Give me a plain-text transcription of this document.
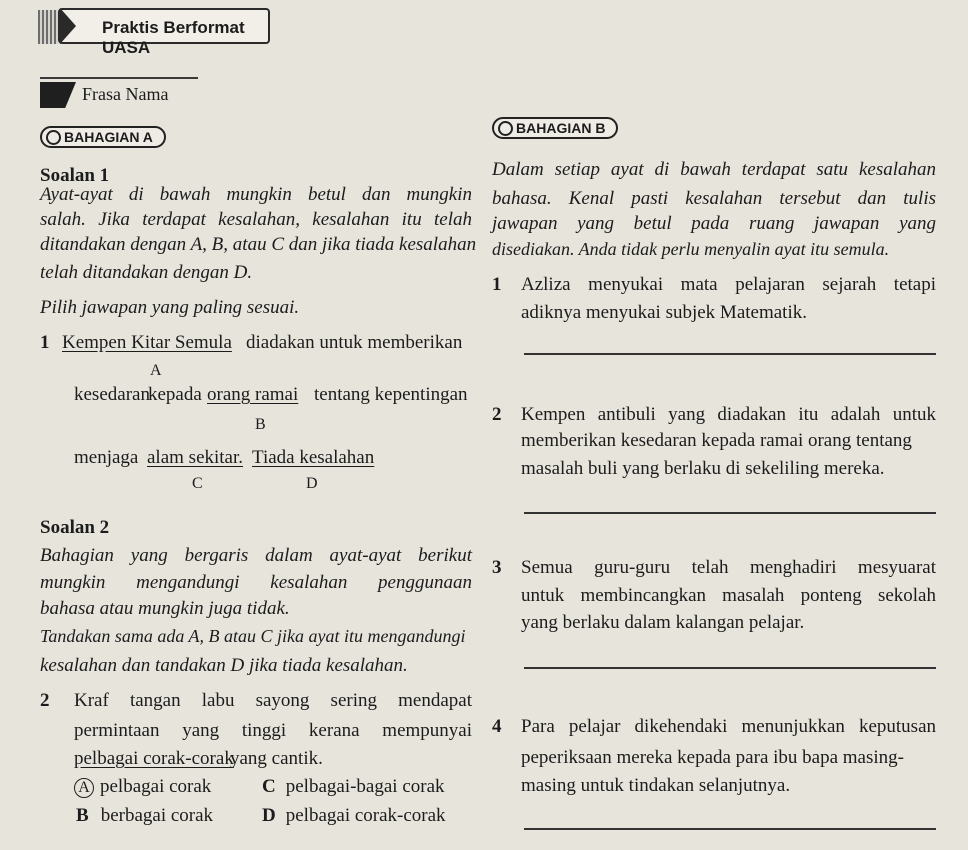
Praktis Berformat UASA
Frasa Nama
BAHAGIAN A
BAHAGIAN B
Soalan 1
Ayat-ayat di bawah mungkin betul dan mungkin
salah. Jika terdapat kesalahan, kesalahan itu telah
ditandakan dengan A, B, atau C dan jika tiada kesalahan
telah ditandakan dengan D.
Pilih jawapan yang paling sesuai.
1 Kempen Kitar Semula diadakan untuk memberikan
A
kesedaran
kepada orang ramai tentang kepentingan
B
menjaga alam sekitar. Tiada kesalahan
C	D
Soalan 2
Bahagian yang bergaris dalam ayat-ayat berikut
mungkin mengandungi kesalahan penggunaan
bahasa atau mungkin juga tidak.
Tandakan sama ada A, B atau C jika ayat itu mengandungi
kesalahan dan tandakan D jika tiada kesalahan.
2 Kraf tangan labu sayong sering mendapat
permintaan yang tinggi kerana mempunyai
pelbagai corak-corak
yang cantik.
A pelbagai corak	C pelbagai-bagai corak
B berbagai corak	D pelbagai corak-corak
Dalam setiap ayat di bawah terdapat satu kesalahan
bahasa. Kenal pasti kesalahan tersebut dan tulis
jawapan yang betul pada ruang jawapan yang
disediakan. Anda tidak perlu menyalin ayat itu semula.
1 Azliza menyukai mata pelajaran sejarah tetapi
adiknya menyukai subjek Matematik.
2 Kempen antibuli yang diadakan itu adalah untuk
memberikan kesedaran kepada ramai orang tentang
masalah buli yang berlaku di sekeliling mereka.
3 Semua guru-guru telah menghadiri mesyuarat
untuk membincangkan masalah ponteng sekolah
yang berlaku dalam kalangan pelajar.
4 Para pelajar dikehendaki menunjukkan keputusan
peperiksaan mereka kepada para ibu bapa masing-
masing untuk tindakan selanjutnya.
